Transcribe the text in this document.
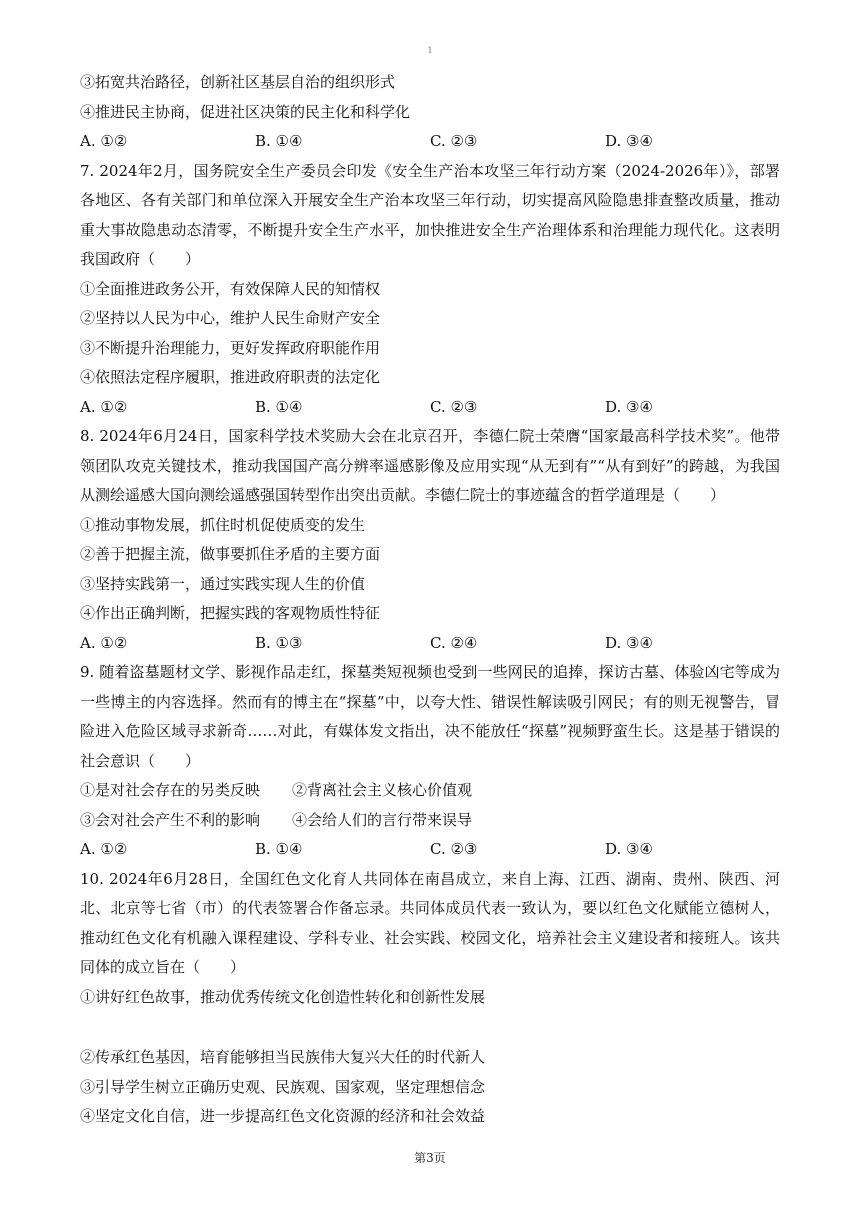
1
③拓宽共治路径，创新社区基层自治的组织形式
④推进民主协商，促进社区决策的民主化和科学化
A. ①②	B. ①④	C. ②③	D. ③④
7. 2024年2月，国务院安全生产委员会印发《安全生产治本攻坚三年行动方案（2024-2026年）》，部署各地区、各有关部门和单位深入开展安全生产治本攻坚三年行动，切实提高风险隐患排查整改质量，推动重大事故隐患动态清零，不断提升安全生产水平，加快推进安全生产治理体系和治理能力现代化。这表明我国政府（　　）
①全面推进政务公开，有效保障人民的知情权
②坚持以人民为中心，维护人民生命财产安全
③不断提升治理能力，更好发挥政府职能作用
④依照法定程序履职，推进政府职责的法定化
A. ①②	B. ①④	C. ②③	D. ③④
8. 2024年6月24日，国家科学技术奖励大会在北京召开，李德仁院士荣膺“国家最高科学技术奖”。他带领团队攻克关键技术，推动我国国产高分辨率遥感影像及应用实现“从无到有”“从有到好”的跨越，为我国从测绘遥感大国向测绘遥感强国转型作出突出贡献。李德仁院士的事迹蕴含的哲学道理是（　　）
①推动事物发展，抓住时机促使质变的发生
②善于把握主流，做事要抓住矛盾的主要方面
③坚持实践第一，通过实践实现人生的价值
④作出正确判断，把握实践的客观物质性特征
A. ①②	B. ①③	C. ②④	D. ③④
9. 随着盗墓题材文学、影视作品走红，探墓类短视频也受到一些网民的追捧，探访古墓、体验凶宅等成为一些博主的内容选择。然而有的博主在“探墓”中，以夸大性、错误性解读吸引网民；有的则无视警告，冒险进入危险区域寻求新奇……对此，有媒体发文指出，决不能放任“探墓”视频野蛮生长。这是基于错误的社会意识（　　）
①是对社会存在的另类反映	②背离社会主义核心价值观
③会对社会产生不利的影响	④会给人们的言行带来误导
A. ①②	B. ①④	C. ②③	D. ③④
10. 2024年6月28日，全国红色文化育人共同体在南昌成立，来自上海、江西、湖南、贵州、陕西、河北、北京等七省（市）的代表签署合作备忘录。共同体成员代表一致认为，要以红色文化赋能立德树人，推动红色文化有机融入课程建设、学科专业、社会实践、校园文化，培养社会主义建设者和接班人。该共同体的成立旨在（　　）
①讲好红色故事，推动优秀传统文化创造性转化和创新性发展
②传承红色基因，培育能够担当民族伟大复兴大任的时代新人
③引导学生树立正确历史观、民族观、国家观，坚定理想信念
④坚定文化自信，进一步提高红色文化资源的经济和社会效益
第3页
